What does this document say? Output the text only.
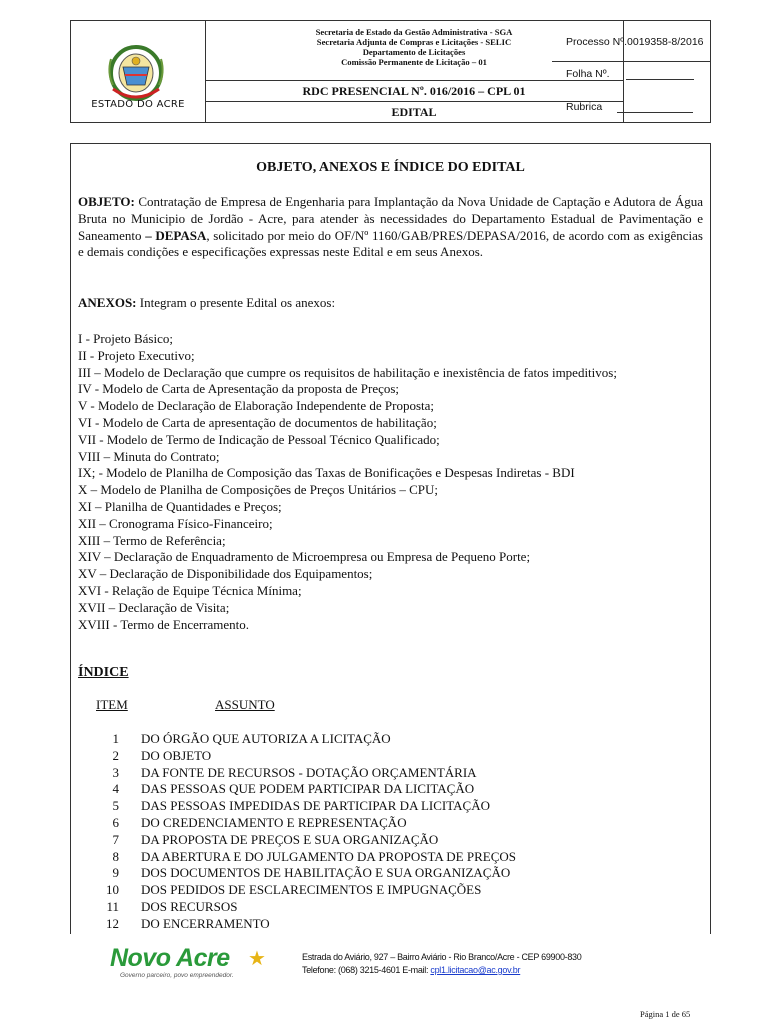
ESTADO DO ACRE
Secretaria de Estado da Gestão Administrativa - SGA
Secretaria Adjunta de Compras e Licitações - SELIC
Departamento de Licitações
Comissão Permanente de Licitação – 01
RDC PRESENCIAL Nº. 016/2016 – CPL 01
EDITAL
Processo Nº.0019358-8/2016
Folha Nº.
Rubrica
OBJETO, ANEXOS E ÍNDICE DO EDITAL
OBJETO: Contratação de Empresa de Engenharia para Implantação da Nova Unidade de Captação e Adutora de Água Bruta no Municipio de Jordão - Acre, para atender às necessidades do Departamento Estadual de Pavimentação e Saneamento – DEPASA, solicitado por meio do OF/Nº 1160/GAB/PRES/DEPASA/2016, de acordo com as exigências e demais condições e especificações expressas neste Edital e em seus Anexos.
ANEXOS: Integram o presente Edital os anexos:
I - Projeto Básico;
II - Projeto Executivo;
III – Modelo de Declaração que cumpre os requisitos de habilitação e inexistência de fatos impeditivos;
IV - Modelo de Carta de Apresentação da proposta de Preços;
V - Modelo de Declaração de Elaboração Independente de Proposta;
VI - Modelo de Carta de apresentação de documentos de habilitação;
VII - Modelo de Termo de Indicação de Pessoal Técnico Qualificado;
VIII – Minuta do Contrato;
IX; - Modelo de Planilha de Composição das Taxas de Bonificações e Despesas Indiretas - BDI
X – Modelo de Planilha de Composições de Preços Unitários – CPU;
XI – Planilha de Quantidades e Preços;
XII – Cronograma Físico-Financeiro;
XIII – Termo de Referência;
XIV – Declaração de Enquadramento de Microempresa ou Empresa de Pequeno Porte;
XV – Declaração de Disponibilidade dos Equipamentos;
XVI - Relação de Equipe Técnica Mínima;
XVII – Declaração de Visita;
XVIII - Termo de Encerramento.
ÍNDICE
ITEM	ASSUNTO
1 DO ÓRGÃO QUE AUTORIZA A LICITAÇÃO
2 DO OBJETO
3 DA FONTE DE RECURSOS - DOTAÇÃO ORÇAMENTÁRIA
4 DAS PESSOAS QUE PODEM PARTICIPAR DA LICITAÇÃO
5 DAS PESSOAS IMPEDIDAS DE PARTICIPAR DA LICITAÇÃO
6 DO CREDENCIAMENTO E REPRESENTAÇÃO
7 DA PROPOSTA DE PREÇOS E SUA ORGANIZAÇÃO
8 DA ABERTURA E DO JULGAMENTO DA PROPOSTA DE PREÇOS
9 DOS DOCUMENTOS DE HABILITAÇÃO E SUA ORGANIZAÇÃO
10 DOS PEDIDOS DE ESCLARECIMENTOS E IMPUGNAÇÕES
11 DOS RECURSOS
12 DO ENCERRAMENTO
Novo Acre ★
Governo parceiro, povo empreendedor.
Estrada do Aviário, 927 – Bairro Aviário - Rio Branco/Acre - CEP 69900-830
Telefone: (068) 3215-4601 E-mail: cpl1.licitacao@ac.gov.br
Página 1 de 65
